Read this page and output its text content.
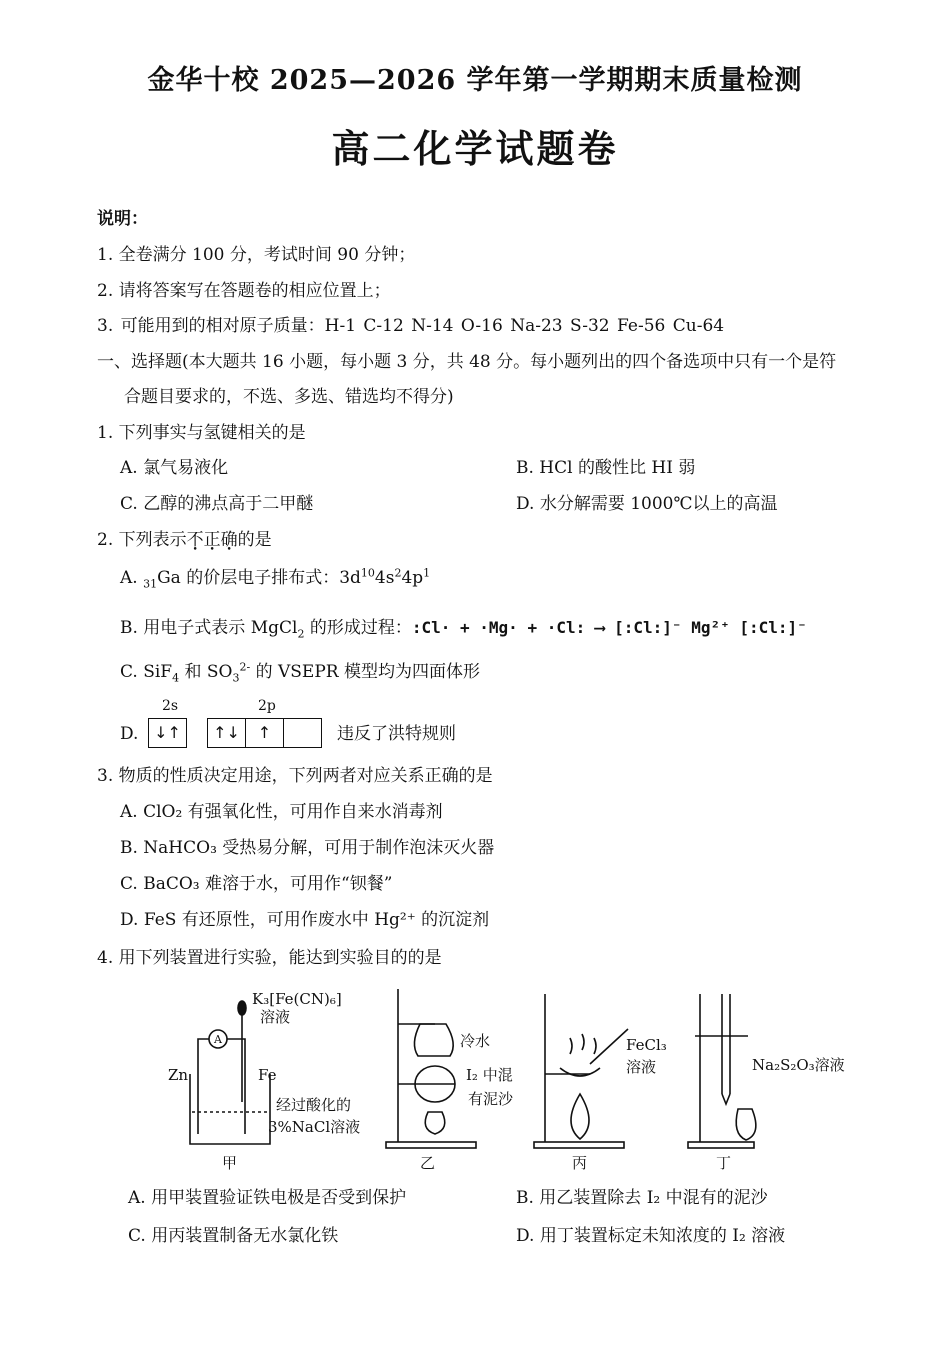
金华十校 2025—2026 学年第一学期期末质量检测
高二化学试题卷
说明：
1. 全卷满分 100 分，考试时间 90 分钟；
2. 请将答案写在答题卷的相应位置上；
3. 可能用到的相对原子质量：H-1 C-12 N-14 O-16 Na-23 S-32 Fe-56 Cu-64
一、选择题(本大题共 16 小题，每小题 3 分，共 48 分。每小题列出的四个备选项中只有一个是符
合题目要求的，不选、多选、错选均不得分)
1. 下列事实与氢键相关的是
A. 氯气易液化	B. HCl 的酸性比 HI 弱
C. 乙醇的沸点高于二甲醚	D. 水分解需要 1000℃以上的高温
2. 下列表示不正确的是
A. $_{31}$Ga 的价层电子排布式：$3d^{10}4s^24p^1$
B. 用电子式表示 MgCl$_2$ 的形成过程：:Cl· + ·Mg· + ·Cl: ⟶ [:Cl:]⁻ Mg²⁺ [:Cl:]⁻
C. SiF$_4$ 和 $SO_3^{2-}$ 的 VSEPR 模型均为四面体形
D.
2s	2p
↓↑	↑↓	↑	违反了洪特规则
3. 物质的性质决定用途，下列两者对应关系正确的是
A. ClO₂ 有强氧化性，可用作自来水消毒剂
B. NaHCO₃ 受热易分解，可用于制作泡沫灭火器
C. BaCO₃ 难溶于水，可用作“钡餐”
D. FeS 有还原性，可用作废水中 Hg²⁺ 的沉淀剂
4. 用下列装置进行实验，能达到实验目的的是
K₃[Fe(CN)₆]
溶液
Zn	Fe
A
经过酸化的
3%NaCl溶液
冷水
I₂ 中混
有泥沙
FeCl₃
溶液	Na₂S₂O₃溶液
甲	乙	丙	丁
A. 用甲装置验证铁电极是否受到保护	B. 用乙装置除去 I₂ 中混有的泥沙
C. 用丙装置制备无水氯化铁	D. 用丁装置标定未知浓度的 I₂ 溶液
